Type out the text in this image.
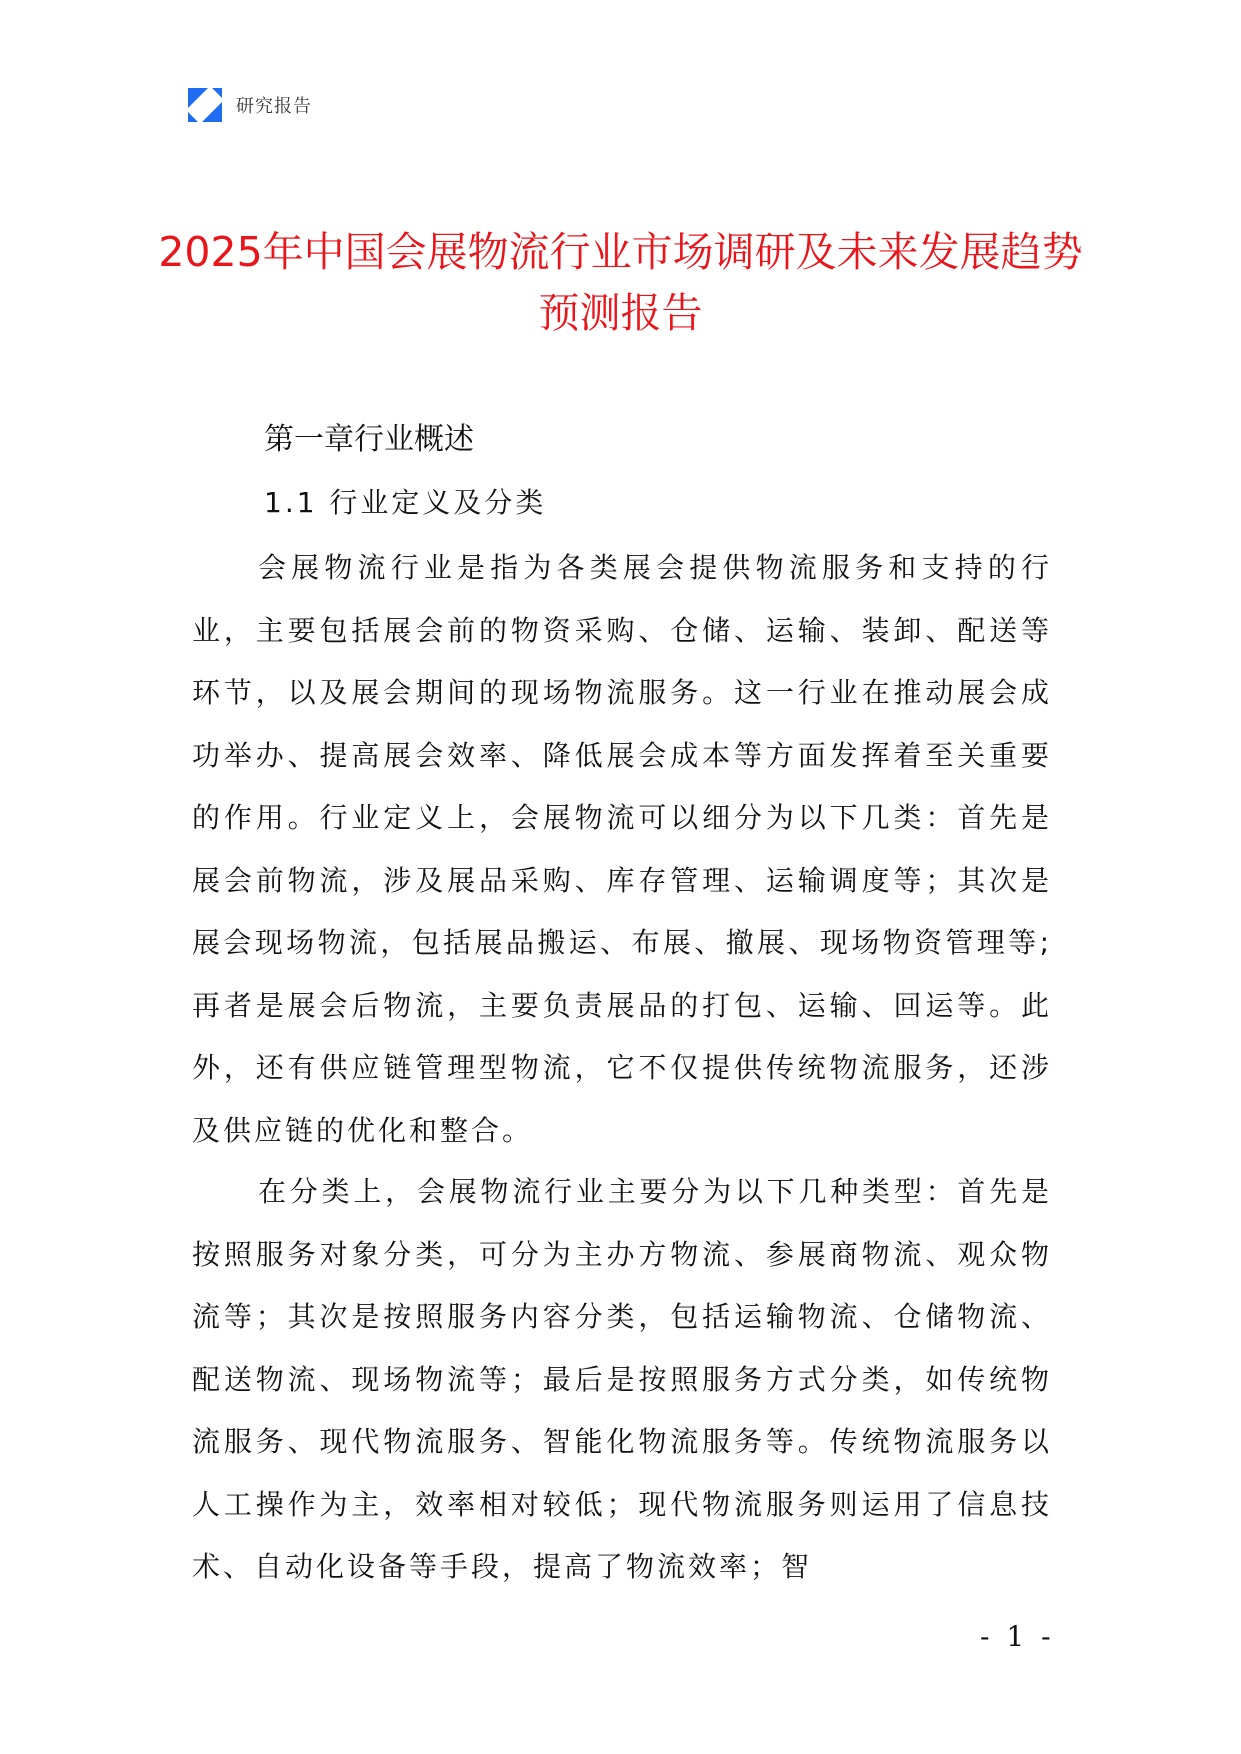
研究报告
2025年中国会展物流行业市场调研及未来发展趋势预测报告
第一章行业概述
1.1 行业定义及分类

会展物流行业是指为各类展会提供物流服务和支持的行业，主要包括展会前的物资采购、仓储、运输、装卸、配送等环节，以及展会期间的现场物流服务。这一行业在推动展会成功举办、提高展会效率、降低展会成本等方面发挥着至关重要的作用。行业定义上，会展物流可以细分为以下几类：首先是展会前物流，涉及展品采购、库存管理、运输调度等；其次是展会现场物流，包括展品搬运、布展、撤展、现场物资管理等;再者是展会后物流，主要负责展品的打包、运输、回运等。此外，还有供应链管理型物流，它不仅提供传统物流服务，还涉及供应链的优化和整合。

在分类上，会展物流行业主要分为以下几种类型：首先是按照服务对象分类，可分为主办方物流、参展商物流、观众物流等；其次是按照服务内容分类，包括运输物流、仓储物流、配送物流、现场物流等；最后是按照服务方式分类，如传统物流服务、现代物流服务、智能化物流服务等。传统物流服务以人工操作为主，效率相对较低；现代物流服务则运用了信息技术、自动化设备等手段，提高了物流效率；智

- 1 -
